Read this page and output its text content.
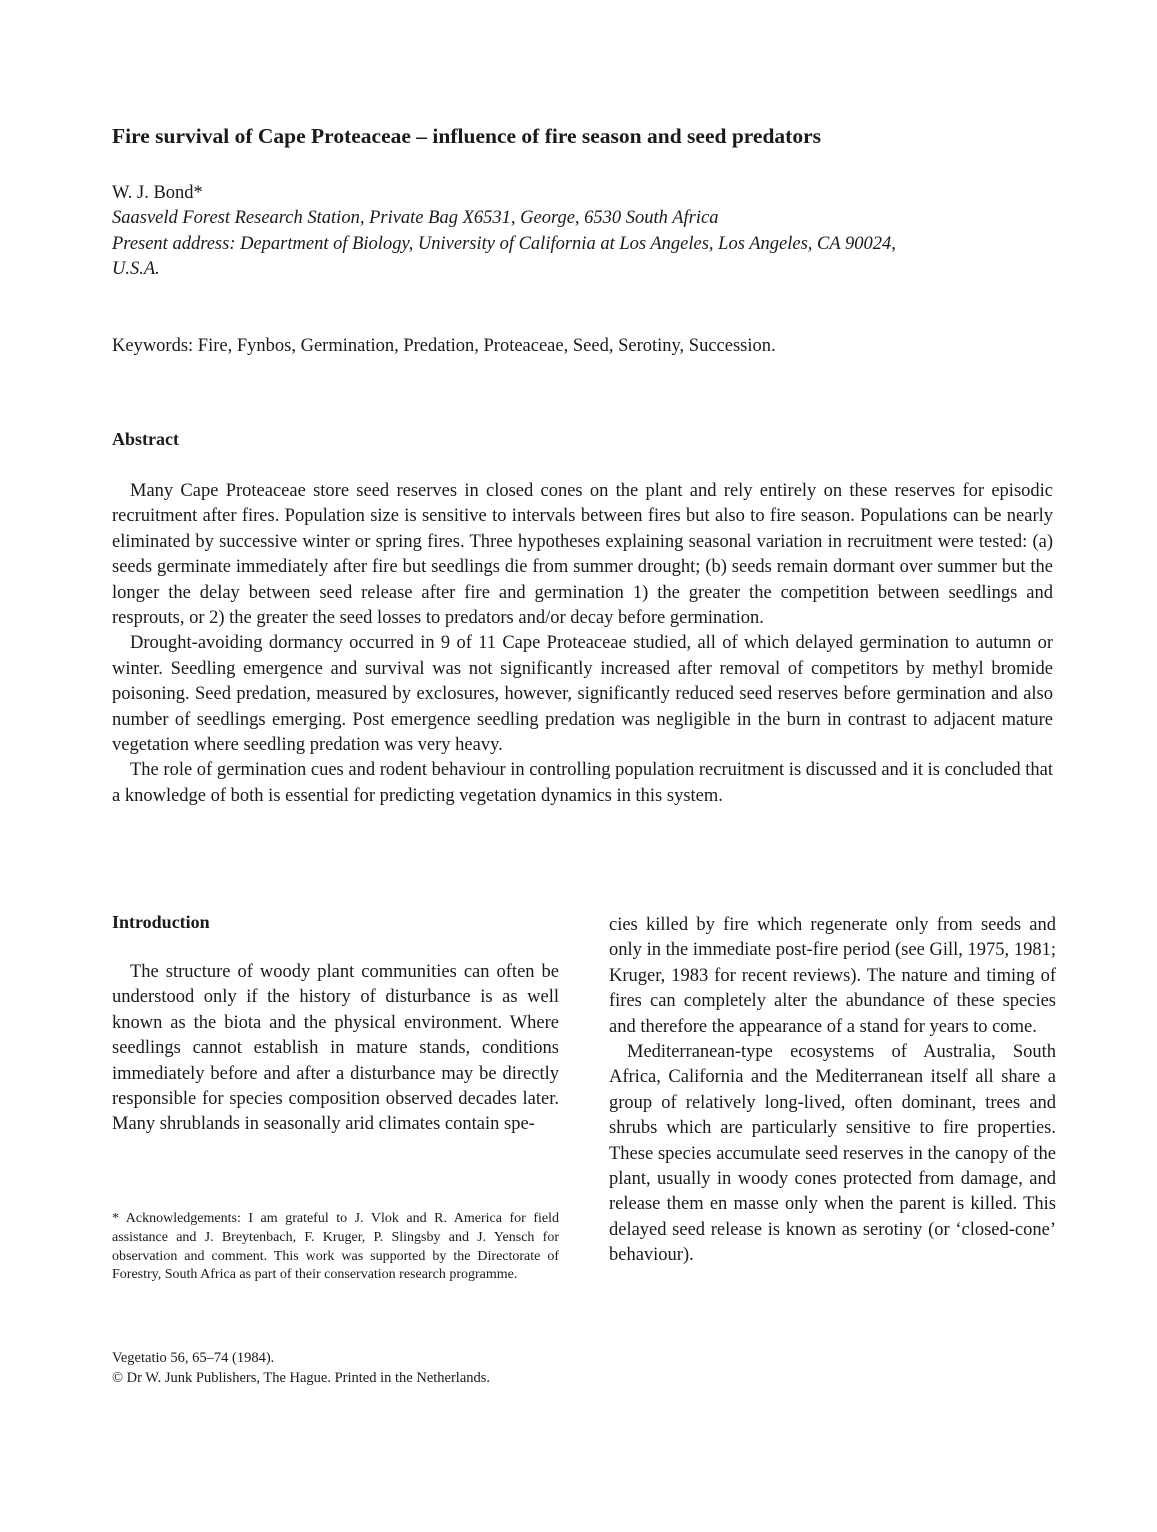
Fire survival of Cape Proteaceae – influence of fire season and seed predators

W. J. Bond*

Saasveld Forest Research Station, Private Bag X6531, George, 6530 South Africa
Present address: Department of Biology, University of California at Los Angeles, Los Angeles, CA 90024,
U.S.A.

Keywords: Fire, Fynbos, Germination, Predation, Proteaceae, Seed, Serotiny, Succession.

Abstract

Many Cape Proteaceae store seed reserves in closed cones on the plant and rely entirely on these reserves for episodic recruitment after fires. Population size is sensitive to intervals between fires but also to fire season. Populations can be nearly eliminated by successive winter or spring fires. Three hypotheses explaining seasonal variation in recruitment were tested: (a) seeds germinate immediately after fire but seedlings die from summer drought; (b) seeds remain dormant over summer but the longer the delay between seed release after fire and germination 1) the greater the competition between seedlings and resprouts, or 2) the greater the seed losses to predators and/or decay before germination.

Drought-avoiding dormancy occurred in 9 of 11 Cape Proteaceae studied, all of which delayed germination to autumn or winter. Seedling emergence and survival was not significantly increased after removal of competitors by methyl bromide poisoning. Seed predation, measured by exclosures, however, significantly reduced seed reserves before germination and also number of seedlings emerging. Post emergence seedling predation was negligible in the burn in contrast to adjacent mature vegetation where seedling predation was very heavy.

The role of germination cues and rodent behaviour in controlling population recruitment is discussed and it is concluded that a knowledge of both is essential for predicting vegetation dynamics in this system.

Introduction

The structure of woody plant communities can often be understood only if the history of disturbance is as well known as the biota and the physical environment. Where seedlings cannot establish in mature stands, conditions immediately before and after a disturbance may be directly responsible for species composition observed decades later. Many shrublands in seasonally arid climates contain spe-

cies killed by fire which regenerate only from seeds and only in the immediate post-fire period (see Gill, 1975, 1981; Kruger, 1983 for recent reviews). The nature and timing of fires can completely alter the abundance of these species and therefore the appearance of a stand for years to come.

Mediterranean-type ecosystems of Australia, South Africa, California and the Mediterranean itself all share a group of relatively long-lived, often dominant, trees and shrubs which are particularly sensitive to fire properties. These species accumulate seed reserves in the canopy of the plant, usually in woody cones protected from damage, and release them en masse only when the parent is killed. This delayed seed release is known as serotiny (or ‘closed-cone’ behaviour).

* Acknowledgements: I am grateful to J. Vlok and R. America for field assistance and J. Breytenbach, F. Kruger, P. Slingsby and J. Yensch for observation and comment. This work was supported by the Directorate of Forestry, South Africa as part of their conservation research programme.

Vegetatio 56, 65–74 (1984).
© Dr W. Junk Publishers, The Hague. Printed in the Netherlands.
